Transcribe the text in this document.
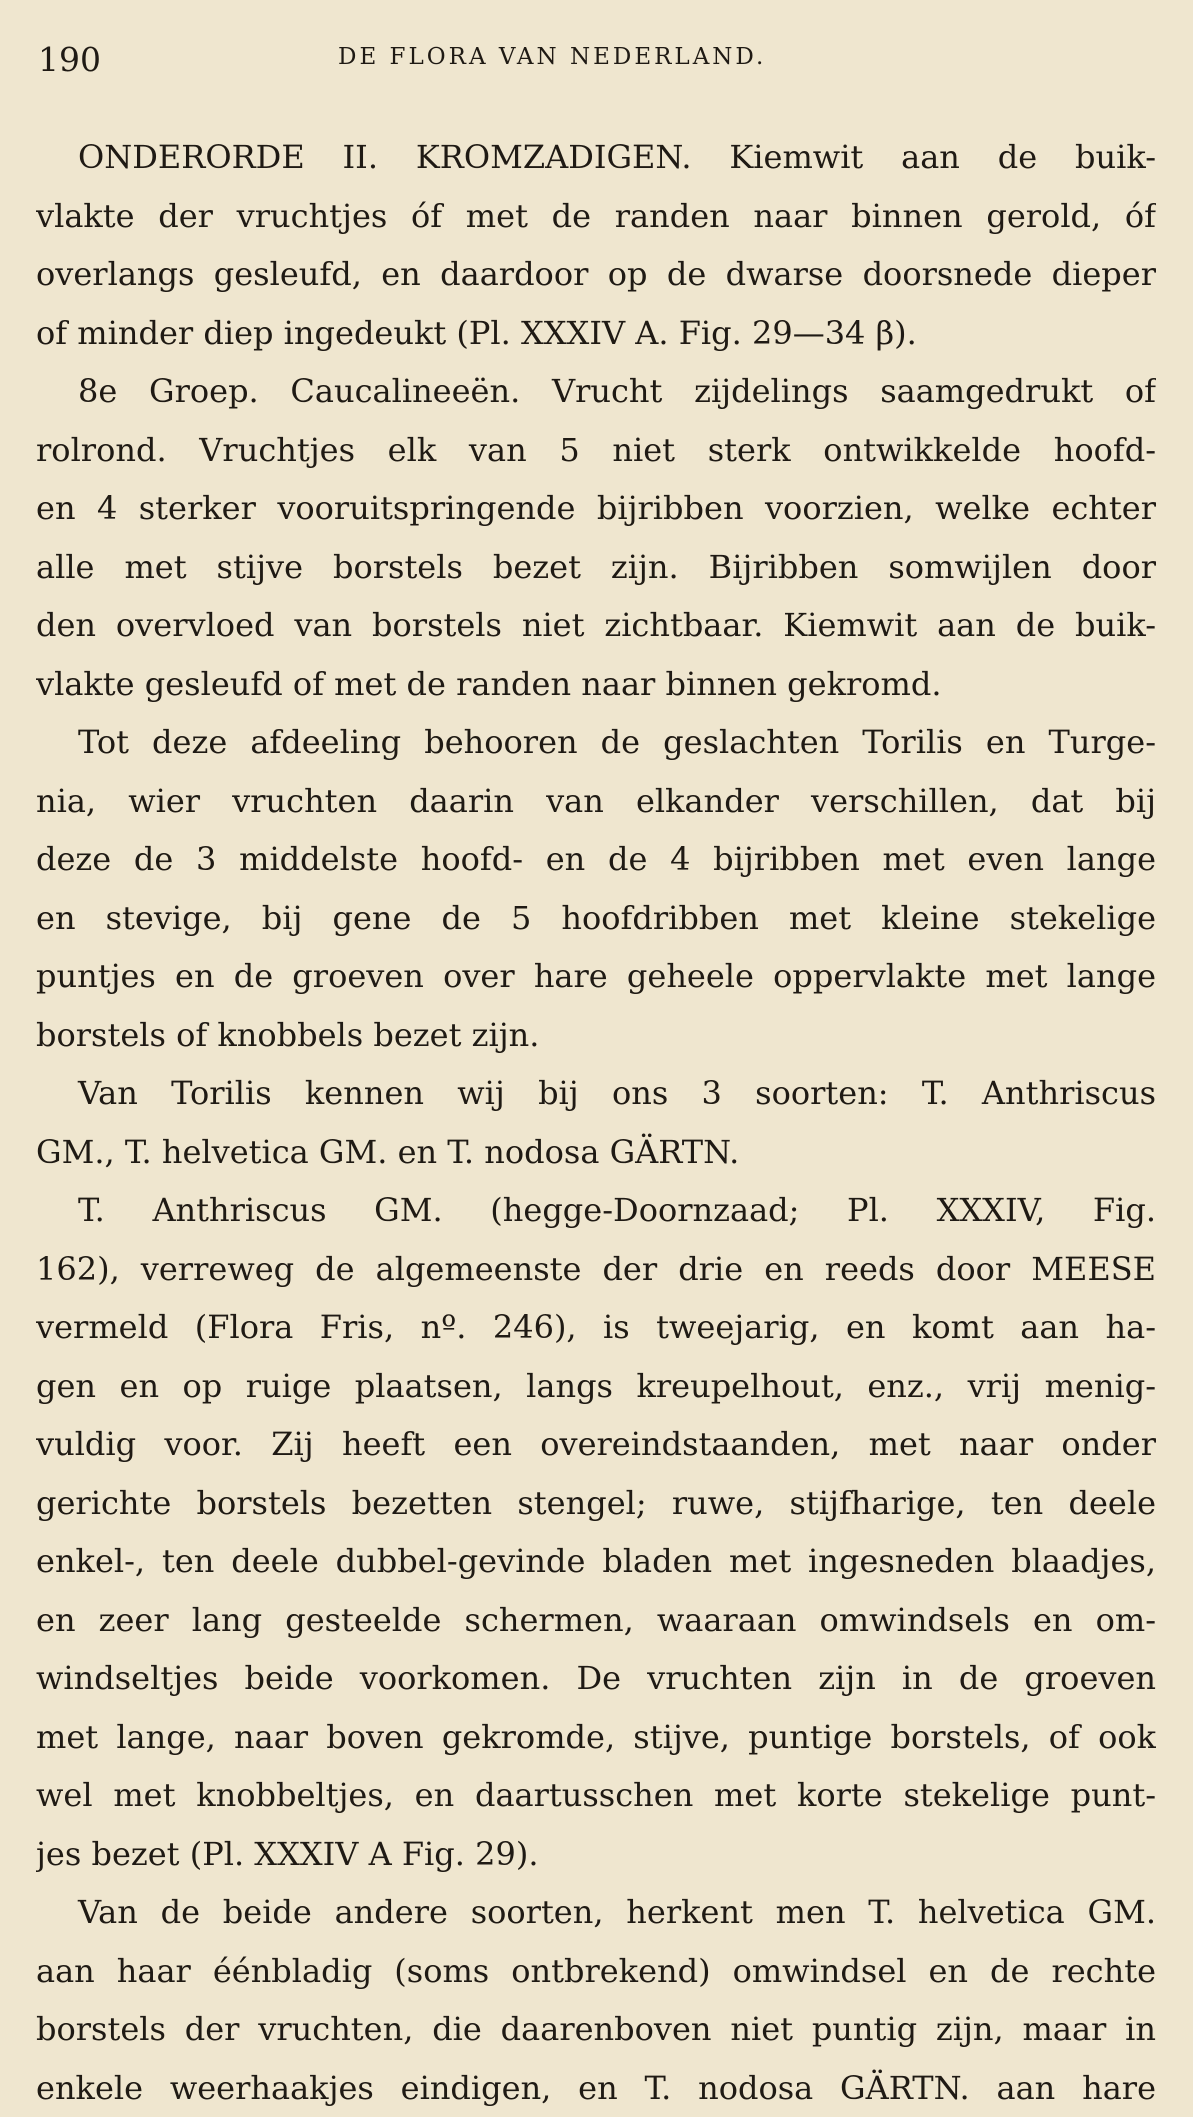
190	DE FLORA VAN NEDERLAND.
ONDERORDE II. KROMZADIGEN. Kiemwit aan de buik-
vlakte der vruchtjes óf met de randen naar binnen gerold, óf
overlangs gesleufd, en daardoor op de dwarse doorsnede dieper
of minder diep ingedeukt (Pl. XXXIV A. Fig. 29—34 β).
8e Groep. Caucalineeën. Vrucht zijdelings saamgedrukt of
rolrond. Vruchtjes elk van 5 niet sterk ontwikkelde hoofd-
en 4 sterker vooruitspringende bijribben voorzien, welke echter
alle met stijve borstels bezet zijn. Bijribben somwijlen door
den overvloed van borstels niet zichtbaar. Kiemwit aan de buik-
vlakte gesleufd of met de randen naar binnen gekromd.
Tot deze afdeeling behooren de geslachten Torilis en Turge-
nia, wier vruchten daarin van elkander verschillen, dat bij
deze de 3 middelste hoofd- en de 4 bijribben met even lange
en stevige, bij gene de 5 hoofdribben met kleine stekelige
puntjes en de groeven over hare geheele oppervlakte met lange
borstels of knobbels bezet zijn.
Van Torilis kennen wij bij ons 3 soorten: T. Anthriscus
GM., T. helvetica GM. en T. nodosa GÄRTN.
T. Anthriscus GM. (hegge-Doornzaad; Pl. XXXIV, Fig.
162), verreweg de algemeenste der drie en reeds door MEESE
vermeld (Flora Fris, nº. 246), is tweejarig, en komt aan ha-
gen en op ruige plaatsen, langs kreupelhout, enz., vrij menig-
vuldig voor. Zij heeft een overeindstaanden, met naar onder
gerichte borstels bezetten stengel; ruwe, stijfharige, ten deele
enkel-, ten deele dubbel-gevinde bladen met ingesneden blaadjes,
en zeer lang gesteelde schermen, waaraan omwindsels en om-
windseltjes beide voorkomen. De vruchten zijn in de groeven
met lange, naar boven gekromde, stijve, puntige borstels, of ook
wel met knobbeltjes, en daartusschen met korte stekelige punt-
jes bezet (Pl. XXXIV A Fig. 29).
Van de beide andere soorten, herkent men T. helvetica GM.
aan haar éénbladig (soms ontbrekend) omwindsel en de rechte
borstels der vruchten, die daarenboven niet puntig zijn, maar in
enkele weerhaakjes eindigen, en T. nodosa GÄRTN. aan hare
